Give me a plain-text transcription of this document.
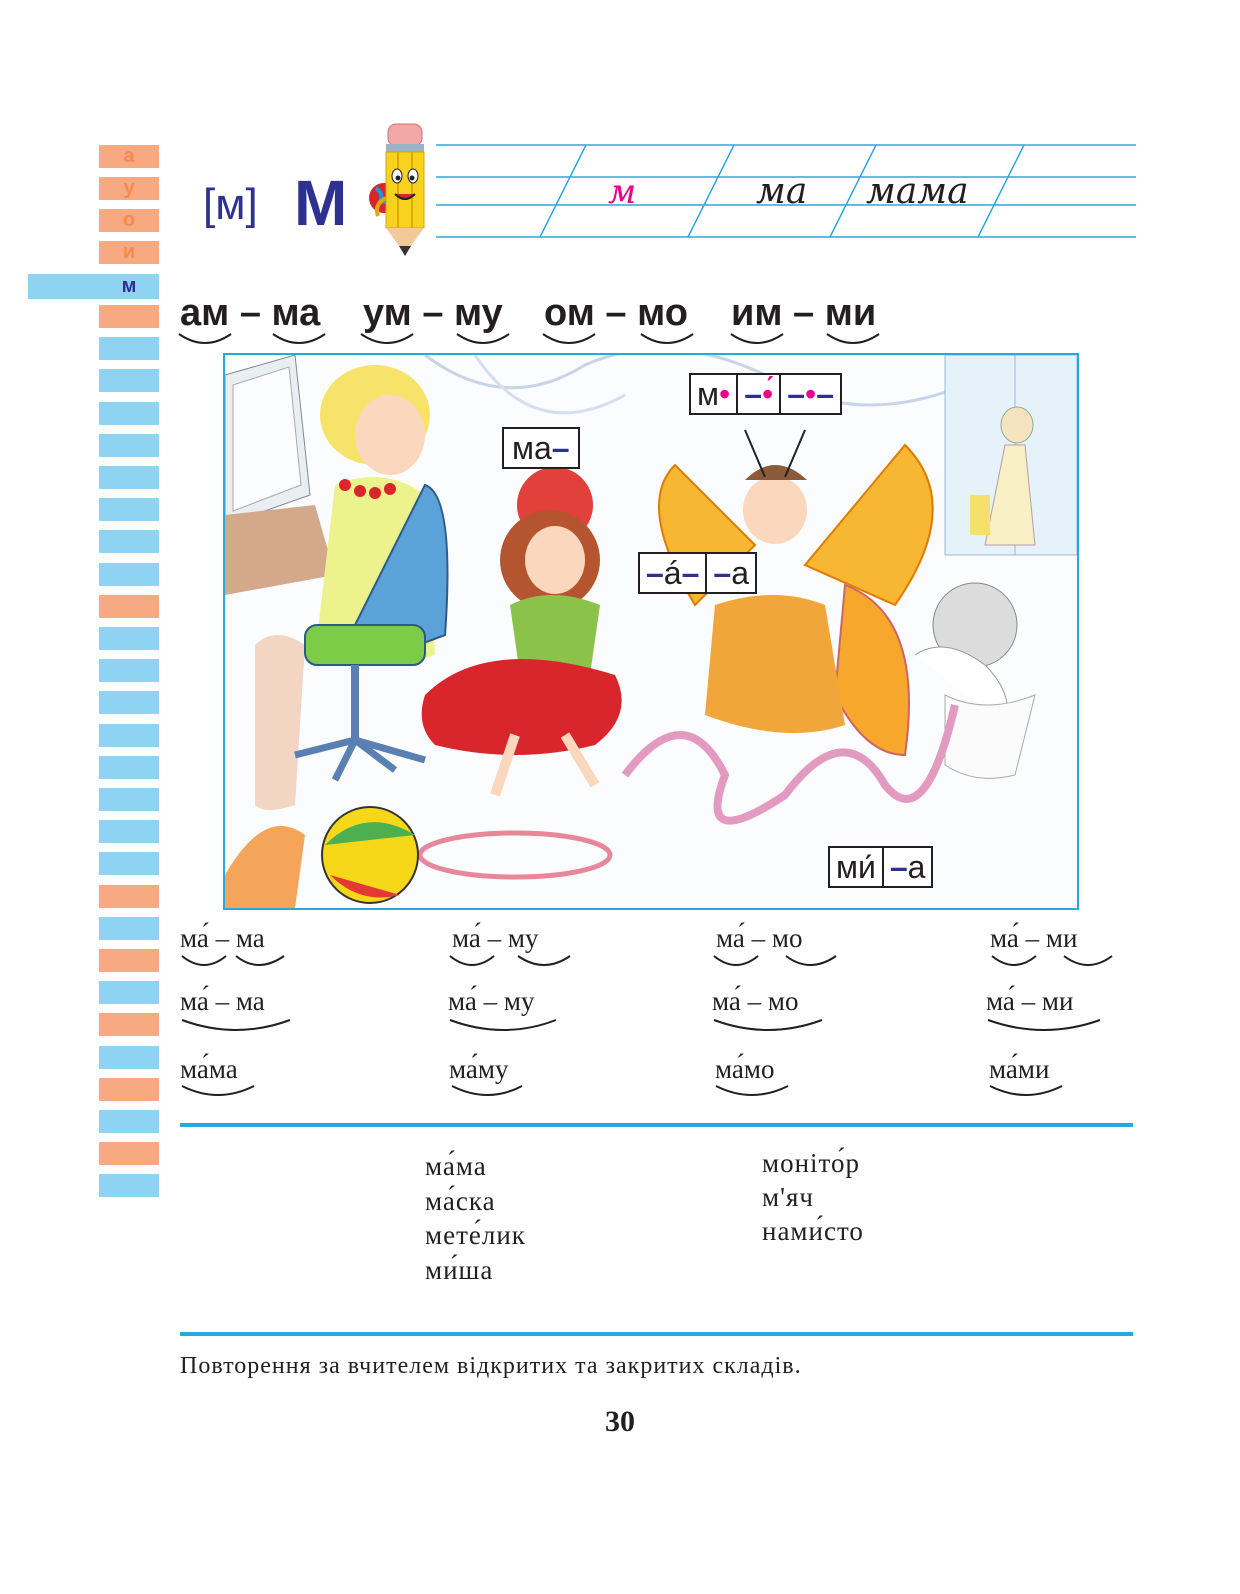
а
у
о
и
м
[м] М	м	ма мама
ам – ма ум – му ом – мо им – ми
ма–
м• –•́ –•–
–á– –а
ми́ –а
ма́ – ма	ма́ – му	ма́ – мо	ма́ – ми
ма́ – ма	ма́ – му	ма́ – мо	ма́ – ми
ма́ма	ма́му	ма́мо	ма́ми
ма́ма
ма́ска
мете́лик
ми́ша
моніто́р
м'яч
нами́сто
Повторення за вчителем відкритих та закритих складів.
30
